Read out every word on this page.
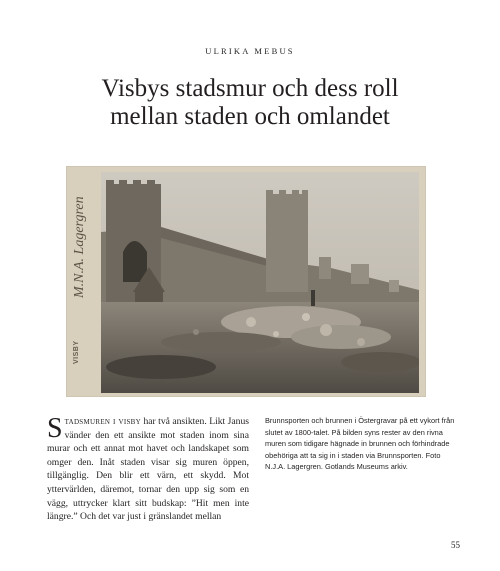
ULRIKA MEBUS
Visbys stadsmur och dess roll
mellan staden och omlandet
M.N.A. Lagergren
VISBY

Stadsmuren i visby har två ansikten. Likt Janus vänder den ett ansikte mot staden inom sina murar och ett annat mot havet och landskapet som omger den. Inåt staden visar sig muren öppen, tillgänglig. Den blir ett värn, ett skydd. Mot yttervärlden, däremot, tornar den upp sig som en vägg, uttrycker klart sitt budskap: ”Hit men inte längre.” Och det var just i gränslandet mellan

Brunnsporten och brunnen i Östergravar på ett vykort från slutet av 1800-talet. På bilden syns rester av den rivna muren som tidigare hägnade in brunnen och förhindrade obehöriga att ta sig in i staden via Brunnsporten. Foto N.J.A. Lagergren. Gotlands Museums arkiv.

55
